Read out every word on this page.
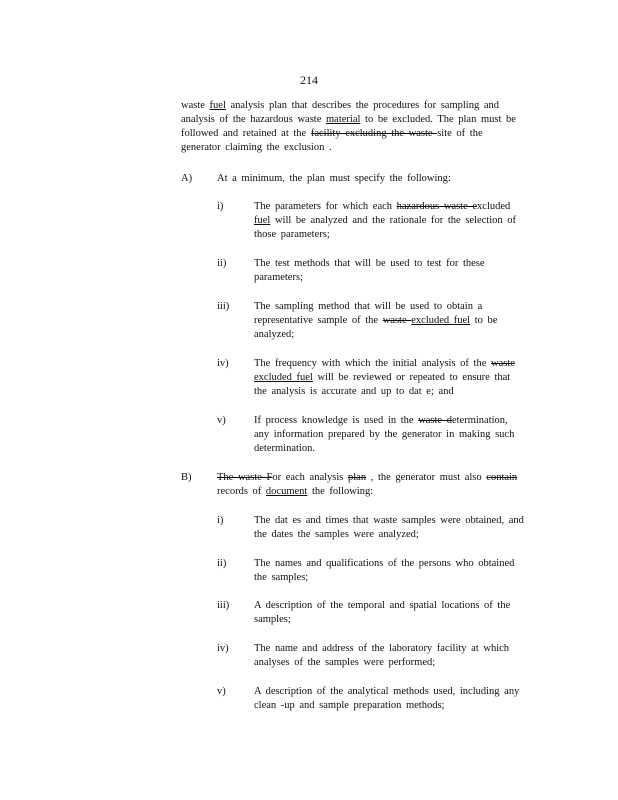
214
waste fuel analysis plan that describes the procedures for sampling and
analysis of the hazardous waste material to be excluded. The plan must be
followed and retained at the facility excluding the waste site of the
generator claiming the exclusion .
A) At a minimum, the plan must specify the following:
i)	The parameters for which each hazardous waste excluded
fuel will be analyzed and the rationale for the selection of
those parameters;
ii)	The test methods that will be used to test for these
parameters;
iii) The sampling method that will be used to obtain a
representative sample of the waste excluded fuel to be
analyzed;
iv) The frequency with which the initial analysis of the waste
excluded fuel will be reviewed or repeated to ensure that
the analysis is accurate and up to dat e; and
v)	If process knowledge is used in the waste determination,
any information prepared by the generator in making such
determination.
B) The waste For each analysis plan , the generator must also contain
records of document the following:
i)	The dat es and times that waste samples were obtained, and
the dates the samples were analyzed;
ii)	The names and qualifications of the persons who obtained
the samples;
iii) A description of the temporal and spatial locations of the
samples;
iv) The name and address of the laboratory facility at which
analyses of the samples were performed;
v)	A description of the analytical methods used, including any
clean -up and sample preparation methods;
